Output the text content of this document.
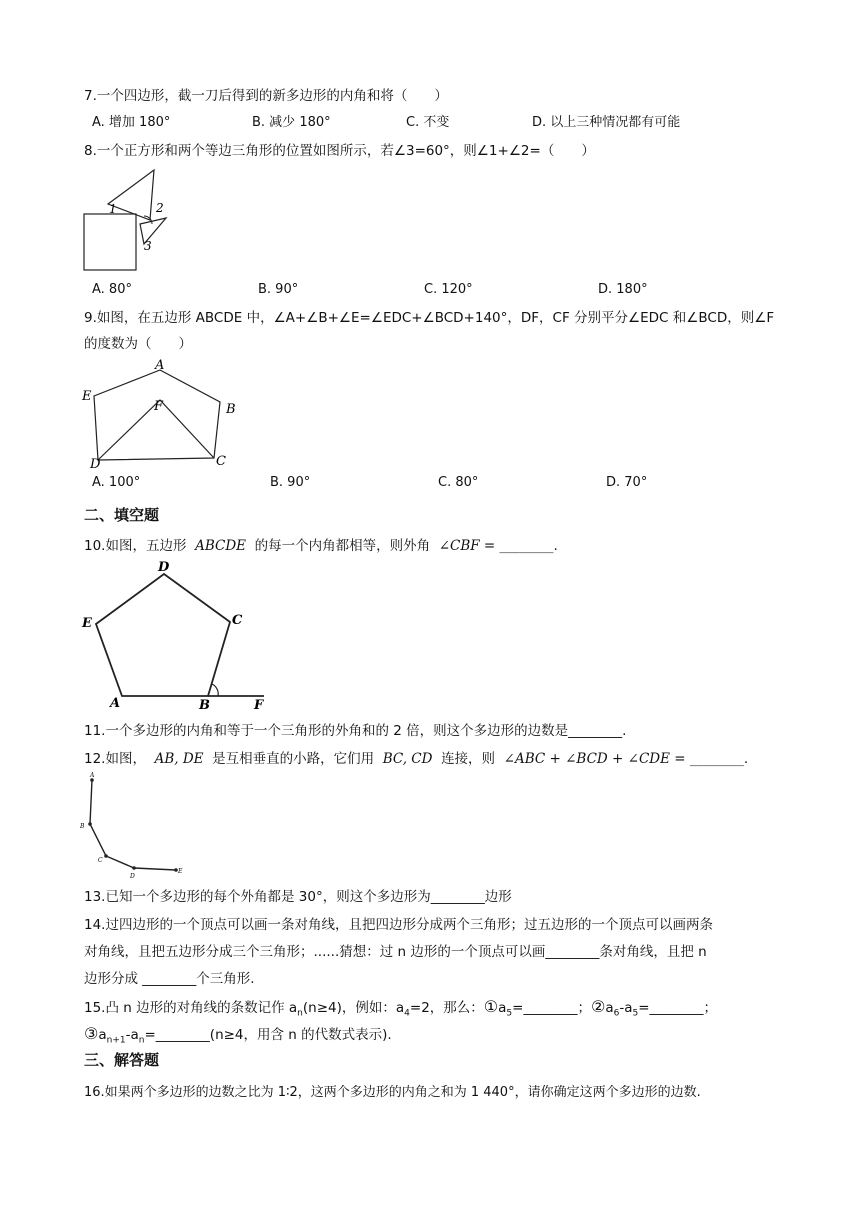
7.一个四边形，截一刀后得到的新多边形的内角和将（　　）
A. 增加 180°	B. 减少 180°	C. 不变	D. 以上三种情况都有可能
8.一个正方形和两个等边三角形的位置如图所示，若∠3=60°，则∠1+∠2=（　　）
1	2
3
A. 80°	B. 90°	C. 120°	D. 180°
9.如图，在五边形 ABCDE 中，∠A+∠B+∠E=∠EDC+∠BCD+140°，DF，CF 分别平分∠EDC 和∠BCD，则∠F
的度数为（　　）
A
B
C
D
E
F
A. 100°	B. 90°	C. 80°	D. 70°
二、填空题
10.如图，五边形 ABCDE 的每一个内角都相等，则外角 ∠CBF = ________.
A	B
C
D
E
F
11.一个多边形的内角和等于一个三角形的外角和的 2 倍，则这个多边形的边数是________.
12.如图， AB, DE 是互相垂直的小路，它们用 BC, CD 连接，则 ∠ABC + ∠BCD + ∠CDE = ________.
A
B
C
D
E
13.已知一个多边形的每个外角都是 30°，则这个多边形为________边形
14.过四边形的一个顶点可以画一条对角线，且把四边形分成两个三角形；过五边形的一个顶点可以画两条
对角线，且把五边形分成三个三角形；......猜想：过 n 边形的一个顶点可以画________条对角线，且把 n
边形分成 ________个三角形.
15.凸 n 边形的对角线的条数记作 $a_n(n\ge 4)$，例如：$a_4=2$，那么：$①a_5=\_\_\_\_\_\_\_\_$；$②a_6-a_5=\_\_\_\_\_\_\_\_$；
$③a_{n+1}-a_n=\_\_\_\_\_\_\_\_(n\ge 4$，用含 n 的代数式表示).
三、解答题
16.如果两个多边形的边数之比为 1∶2，这两个多边形的内角之和为 1 440°，请你确定这两个多边形的边数.
